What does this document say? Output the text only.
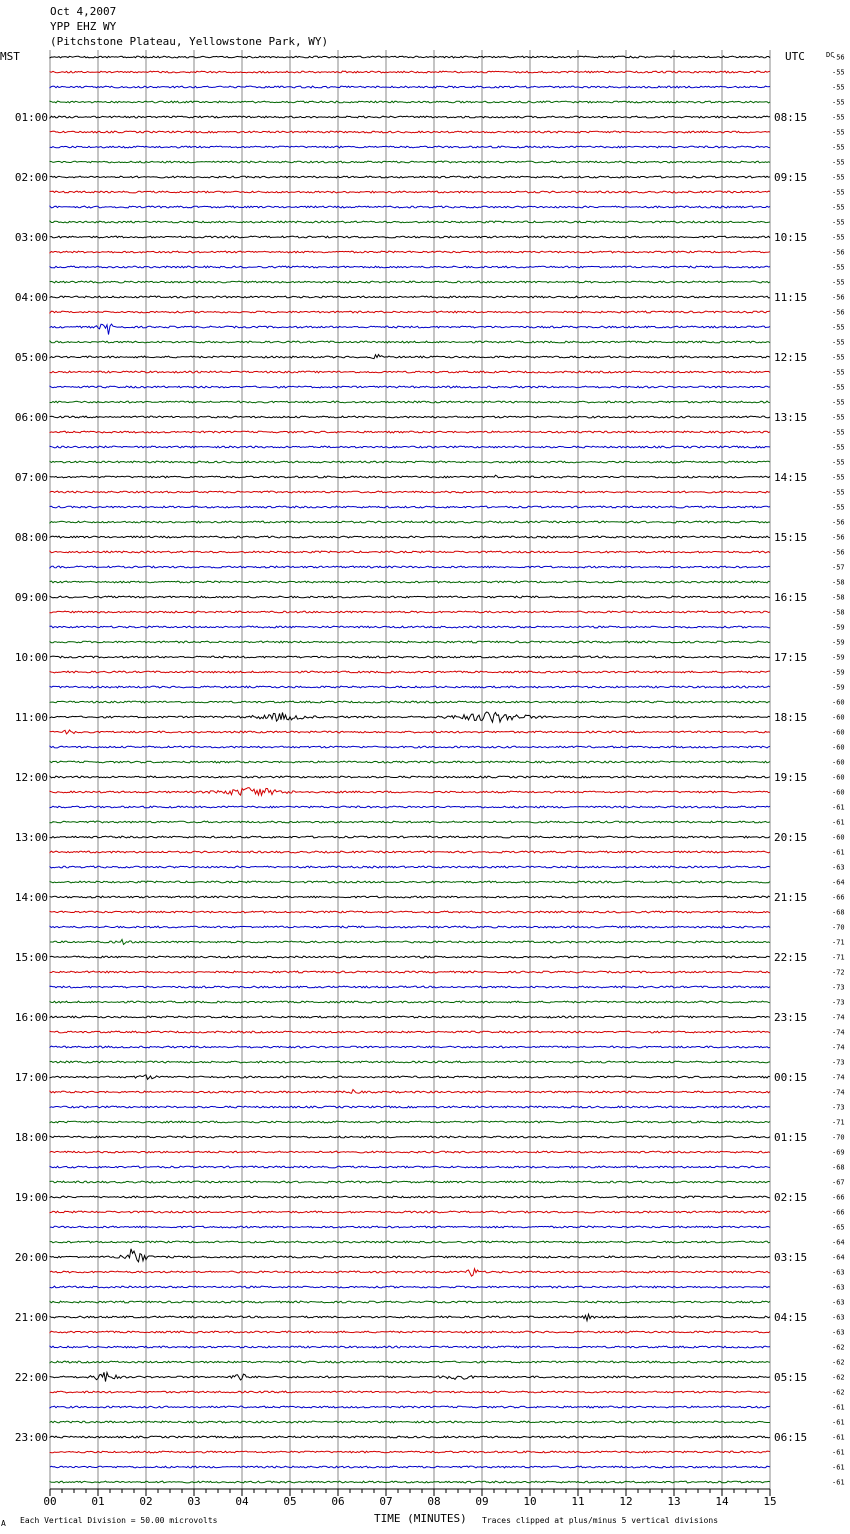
Oct 4,2007
YPP EHZ WY
(Pitchstone Plateau, Yellowstone Park, WY)
MST	UTC	DC
00	01	02	03	04	05	06	07	08	09	10	11	12	13	14	15
-56
-55
-55
-55
-55
-55
-55
-55
-55
-55
-55
-55
-55
-56
-55
-55
-56
-56
-55
-55
-55
-55
-55
-55
-55
-55
-55
-55
-55
-55
-55
-56
-56
-56
-57
-58
-58
-58
-59
-59
-59
-59
-59
-60
-60
-60
-60
-60
-60
-60
-61
-61
-60
-61
-63
-64
-66
-68
-70
-71
-71
-72
-73
-73
-74
-74
-74
-73
-74
-74
-73
-71
-70
-69
-68
-67
-66
-66
-65
-64
-64
-63
-63
-63
-63
-63
-62
-62
-62
-62
-61
-61
-61
-61
-61
-61
01:00	08:15
02:00	09:15
03:00	10:15
04:00	11:15
05:00	12:15
06:00	13:15
07:00	14:15
08:00	15:15
09:00	16:15
10:00	17:15
11:00	18:15
12:00	19:15
13:00	20:15
14:00	21:15
15:00	22:15
16:00	23:15
17:00	00:15
18:00	01:15
19:00	02:15
20:00	03:15
21:00	04:15
22:00	05:15
23:00	06:15
TIME (MINUTES)
A Each Vertical Division = 50.00 microvolts	Traces clipped at plus/minus 5 vertical divisions
